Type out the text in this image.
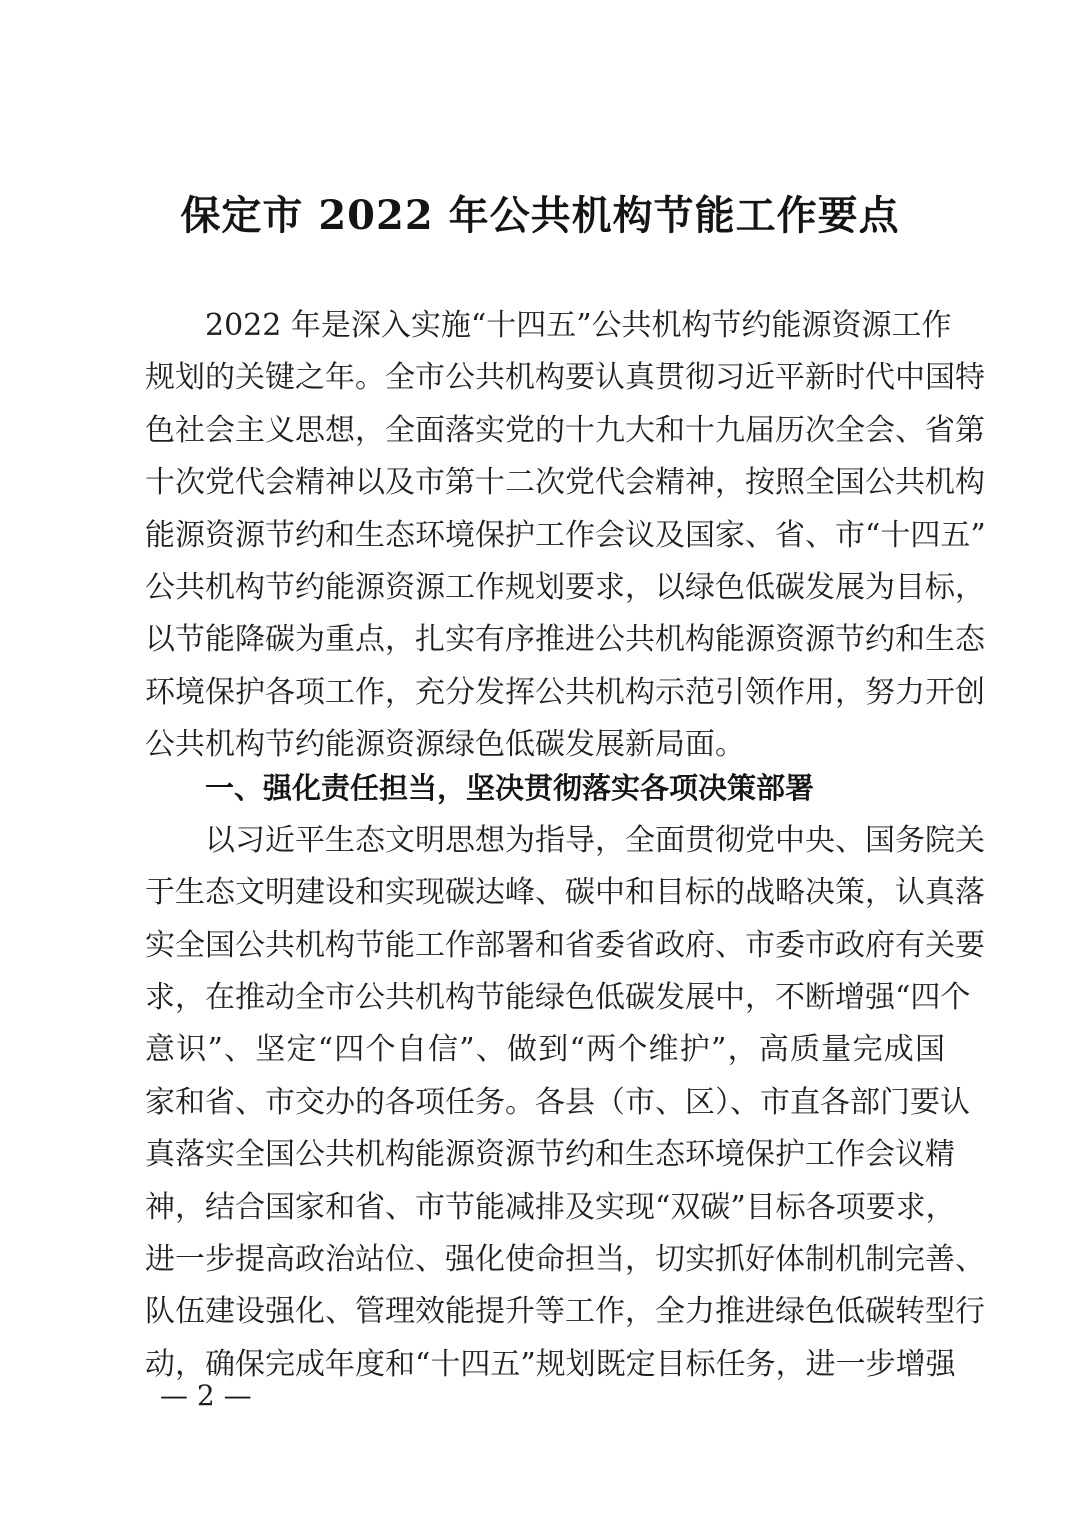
保定市 2022 年公共机构节能工作要点
2022 年是深入实施“十四五”公共机构节约能源资源工作
规划的关键之年。全市公共机构要认真贯彻习近平新时代中国特
色社会主义思想，全面落实党的十九大和十九届历次全会、省第
十次党代会精神以及市第十二次党代会精神，按照全国公共机构
能源资源节约和生态环境保护工作会议及国家、省、市“十四五”
公共机构节约能源资源工作规划要求，以绿色低碳发展为目标，
以节能降碳为重点，扎实有序推进公共机构能源资源节约和生态
环境保护各项工作，充分发挥公共机构示范引领作用，努力开创
公共机构节约能源资源绿色低碳发展新局面。
一、强化责任担当，坚决贯彻落实各项决策部署
以习近平生态文明思想为指导，全面贯彻党中央、国务院关
于生态文明建设和实现碳达峰、碳中和目标的战略决策，认真落
实全国公共机构节能工作部署和省委省政府、市委市政府有关要
求，在推动全市公共机构节能绿色低碳发展中，不断增强“四个
意识”、坚定“四个自信”、做到“两个维护”，高质量完成国
家和省、市交办的各项任务。各县（市、区）、市直各部门要认
真落实全国公共机构能源资源节约和生态环境保护工作会议精
神，结合国家和省、市节能减排及实现“双碳”目标各项要求，
进一步提高政治站位、强化使命担当，切实抓好体制机制完善、
队伍建设强化、管理效能提升等工作，全力推进绿色低碳转型行
动，确保完成年度和“十四五”规划既定目标任务，进一步增强
— 2 —
